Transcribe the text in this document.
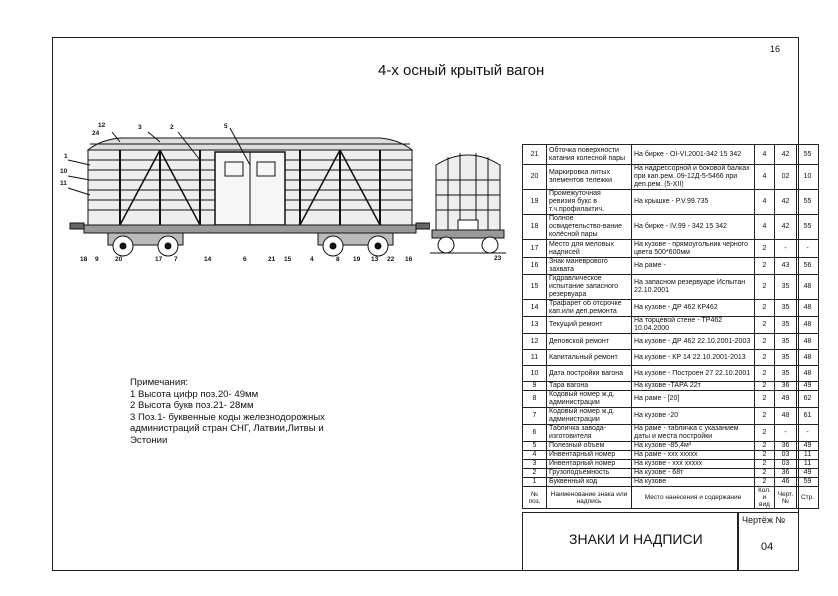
16
4-х осный крытый вагон
12
24
3	2	5
1
10
11
18 9	20	17 7	14	6	21 15	4	8 19 13 22 16	23
Примечания:
1 Высота цифр поз.20- 49мм
2 Высота букв поз.21- 28мм
3 Поз.1- буквенные коды железнодорожных
администраций стран СНГ, Латвии,Литвы и
Эстонии
21	Обточка поверхности катания колесной пары	На бирке - OI-VI.2001-342 15 342	4	42	55
20	Маркировка литых элементов тележки	На надрессорной и боковой балках при кап.рем. 09-12Д-5-5466 при деп.рем. (5-XII)	4	02	10
19	Промежуточная ревизия букс в т.ч.профилактич.	На крышке - Р.V.99.735	4	42	55
18	Полное освидетельство-вание колёсной пары	На бирке - IV.99 - 342 15 342	4	42	55
17	Место для меловых надписей	На кузове - прямоугольник черного цвета 500*600мм	2	-	-
16	Знак маневрового захвата	На раме -	2	43	56
15	Гидравлическое испытание запасного резервуара	На запасном резервуаре Испытан 22.10.2001	2	35	48
14	Трафарет об отсрочке кап.или деп.ремонта	На кузове - ДР 462 КР462	2	35	48
13	Текущий ремонт	На торцевой стене - ТР462 10.04.2000	2	35	48
12	Деповской ремонт	На кузове - ДР 462 22.10.2001-2003	2	35	48
11	Капитальный ремонт	На кузове - КР 14 22.10.2001-2013	2	35	48
10	Дата постройки вагона	На кузове - Построен 27 22.10.2001	2	35	48
9	Тара вагона	На кузове -ТАРА 22т	2	36	49
8	Кодовый номер ж.д. администрации	На раме - [20]	2	49	62
7	Кодовый номер ж.д. администрации	На кузове -20	2	48	61
6	Табличка завода-изготовителя	На раме - табличка с указанием даты и места постройки	2	-	-
5	Полезный объем	На кузове -85,4м³	2	36	49
4	Инвентарный номер	На раме - ххх ххххх	2	03	11
3	Инвентарный номер	На кузове - ххх ххххх	2	03	11
2	Грузоподъемность	На кузове - 68т	2	36	49
1	Буквенный код	На кузове	2	46	59
№ поз.	Наименование знака или надпись	Место нанесения и содержание	Кол. и вид	Черт. №	Стр.
ЗНАКИ И НАДПИСИ
Чертёж №
04
